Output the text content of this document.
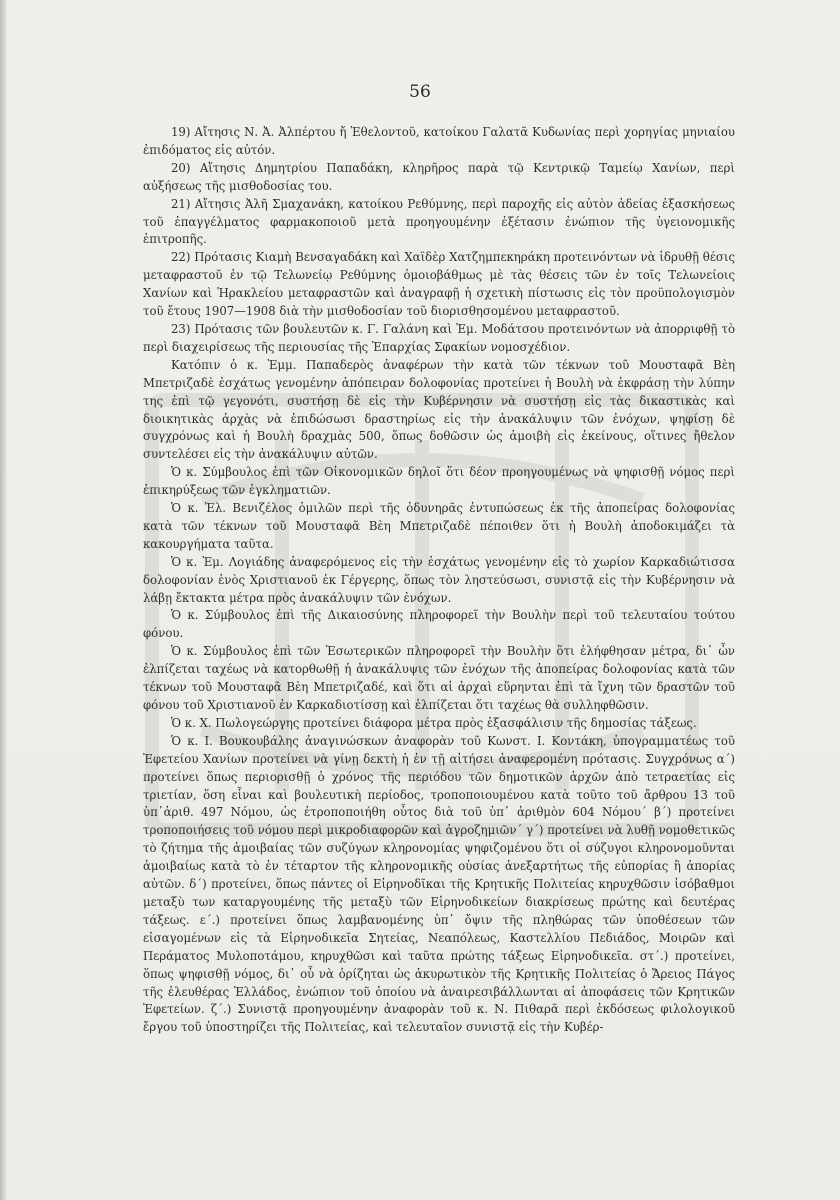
56

19) Αἴτησις Ν. Ἀ. Ἀλπέρτου ἤ Ἐθελοντοῦ, κατοίκου Γαλατᾶ Κυδωνίας περὶ χορηγίας μηνιαίου ἐπιδόματος εἰς αὐτόν.

20) Αἴτησις Δημητρίου Παπαδάκη, κληρῆρος παρὰ τῷ Κεντρικῷ Ταμείῳ Χανίων, περὶ αὐξήσεως τῆς μισθοδοσίας του.

21) Αἴτησις Ἀλῆ Σμαχανάκη, κατοίκου Ρεθύμνης, περὶ παροχῆς εἰς αὐτὸν ἀδείας ἐξασκήσεως τοῦ ἐπαγγέλματος φαρμακοποιοῦ μετὰ προηγουμένην ἐξέτασιν ἐνώπιον τῆς ὑγειονομικῆς ἐπιτροπῆς.

22) Πρότασις Κιαμὴ Βενσαγαδάκη καὶ Χαϊδὲρ Χατζημπεκηράκη προτεινόντων νὰ ἱδρυθῇ θέσις μεταφραστοῦ ἐν τῷ Τελωνείῳ Ρεθύμνης ὁμοιοβάθμως μὲ τὰς θέσεις τῶν ἐν τοῖς Τελωνείοις Χανίων καὶ Ἡρακλείου μεταφραστῶν καὶ ἀναγραφῇ ἡ σχετικὴ πίστωσις εἰς τὸν προϋπολογισμὸν τοῦ ἔτους 1907—1908 διὰ τὴν μισθοδοσίαν τοῦ διορισθησομένου μεταφραστοῦ.

23) Πρότασις τῶν βουλευτῶν κ. Γ. Γαλάνη καὶ Ἐμ. Μοδάτσου προτεινόντων νὰ ἀπορριφθῇ τὸ περὶ διαχειρίσεως τῆς περιουσίας τῆς Ἐπαρχίας Σφακίων νομοσχέδιον.

Κατόπιν ὁ κ. Ἐμμ. Παπαδερὸς ἀναφέρων τὴν κατὰ τῶν τέκνων τοῦ Μουσταφᾶ Βὲη Μπετριζαδὲ ἐσχάτως γενομένην ἀπόπειραν δολοφονίας προτείνει ἡ Βουλὴ νὰ ἐκφράσῃ τὴν λύπην της ἐπὶ τῷ γεγονότι, συστήσῃ δὲ εἰς τὴν Κυβέρνησιν νὰ συστήσῃ εἰς τὰς δικαστικὰς καὶ διοικητικὰς ἀρχὰς νὰ ἐπιδώσωσι δραστηρίως εἰς τὴν ἀνακάλυψιν τῶν ἐνόχων, ψηφίσῃ δὲ συγχρόνως καὶ ἡ Βουλὴ δραχμὰς 500, ὅπως δοθῶσιν ὡς ἀμοιβὴ εἰς ἐκείνους, οἵτινες ἤθελον συντελέσει εἰς τὴν ἀνακάλυψιν αὐτῶν.

Ὁ κ. Σύμβουλος ἐπὶ τῶν Οἰκονομικῶν δηλοῖ ὅτι δέον προηγουμένως νὰ ψηφισθῇ νόμος περὶ ἐπικηρύξεως τῶν ἐγκληματιῶν.

Ὁ κ. Ἐλ. Βενιζέλος ὁμιλῶν περὶ τῆς ὀδυνηρᾶς ἐντυπώσεως ἐκ τῆς ἀποπείρας δολοφονίας κατὰ τῶν τέκνων τοῦ Μουσταφᾶ Βὲη Μπετριζαδὲ πέποιθεν ὅτι ἡ Βουλὴ ἀποδοκιμάζει τὰ κακουργήματα ταῦτα.

Ὁ κ. Ἐμ. Λογιάδης ἀναφερόμενος εἰς τὴν ἐσχάτως γενομένην εἰς τὸ χωρίον Καρκαδιώτισσα δολοφονίαν ἑνὸς Χριστιανοῦ ἐκ Γέργερης, ὅπως τὸν ληστεύσωσι, συνιστᾷ εἰς τὴν Κυβέρνησιν νὰ λάβῃ ἔκτακτα μέτρα πρὸς ἀνακάλυψιν τῶν ἐνόχων.

Ὁ κ. Σύμβουλος ἐπὶ τῆς Δικαιοσύνης πληροφορεῖ τὴν Βουλὴν περὶ τοῦ τελευταίου τούτου φόνου.

Ὁ κ. Σύμβουλος ἐπὶ τῶν Ἐσωτερικῶν πληροφορεῖ τὴν Βουλὴν ὅτι ἐλήφθησαν μέτρα, δι᾽ ὧν ἐλπίζεται ταχέως νὰ κατορθωθῇ ἡ ἀνακάλυψις τῶν ἐνόχων τῆς ἀποπείρας δολοφονίας κατὰ τῶν τέκνων τοῦ Μουσταφᾶ Βὲη Μπετριζαδέ, καὶ ὅτι αἱ ἀρχαὶ εὕρηνται ἐπὶ τὰ ἴχνη τῶν δραστῶν τοῦ φόνου τοῦ Χριστιανοῦ ἐν Καρκαδιοτίσσῃ καὶ ἐλπίζεται ὅτι ταχέως θὰ συλληφθῶσιν.

Ὁ κ. Χ. Πωλογεώργης προτείνει διάφορα μέτρα πρὸς ἐξασφάλισιν τῆς δημοσίας τάξεως.

Ὁ κ. Ι. Βουκουβάλης ἀναγινώσκων ἀναφορὰν τοῦ Κωνστ. Ι. Κοντάκη, ὑπογραμματέως τοῦ Ἐφετείου Χανίων προτείνει νὰ γίνῃ δεκτὴ ἡ ἐν τῇ αἰτήσει ἀναφερομένη πρότασις. Συγχρόνως α΄) προτείνει ὅπως περιορισθῇ ὁ χρόνος τῆς περιόδου τῶν δημοτικῶν ἀρχῶν ἀπὸ τετραετίας εἰς τριετίαν, ὅση εἶναι καὶ βουλευτικὴ περίοδος, τροποποιουμένου κατὰ τοῦτο τοῦ ἄρθρου 13 τοῦ ὑπ᾽ἀριθ. 497 Νόμου, ὡς ἐτροποποιήθη οὗτος διὰ τοῦ ὑπ᾽ ἀριθμὸν 604 Νόμου΄ β΄) προτείνει τροποποιήσεις τοῦ νόμου περὶ μικροδιαφορῶν καὶ ἀγροζημιῶν΄ γ΄) προτείνει νὰ λυθῇ νομοθετικῶς τὸ ζήτημα τῆς ἀμοιβαίας τῶν συζύγων κληρονομίας ψηφιζομένου ὅτι οἱ σύζυγοι κληρονομοῦνται ἀμοιβαίως κατὰ τὸ ἐν τέταρτον τῆς κληρονομικῆς οὐσίας ἀνεξαρτήτως τῆς εὐπορίας ἢ ἀπορίας αὐτῶν. δ΄) προτείνει, ὅπως πάντες οἱ Εἰρηνοδῖκαι τῆς Κρητικῆς Πολιτείας κηρυχθῶσιν ἰσόβαθμοι μεταξὺ των καταργουμένης τῆς μεταξὺ τῶν Εἰρηνοδικείων διακρίσεως πρώτης καὶ δευτέρας τάξεως. ε΄.) προτείνει ὅπως λαμβανομένης ὑπ᾽ ὄψιν τῆς πληθώρας τῶν ὑποθέσεων τῶν εἰσαγομένων εἰς τὰ Εἰρηνοδικεῖα Σητείας, Νεαπόλεως, Καστελλίου Πεδιάδος, Μοιρῶν καὶ Περάματος Μυλοποτάμου, κηρυχθῶσι καὶ ταῦτα πρώτης τάξεως Εἰρηνοδικεῖα. στ΄.) προτείνει, ὅπως ψηφισθῇ νόμος, δι᾽ οὗ νὰ ὁρίζηται ὡς ἀκυρωτικὸν τῆς Κρητικῆς Πολιτείας ὁ Ἄρειος Πάγος τῆς ἐλευθέρας Ἑλλάδος, ἐνώπιον τοῦ ὁποίου νὰ ἀναιρεσιβάλλωνται αἱ ἀποφάσεις τῶν Κρητικῶν Ἐφετείων. ζ΄.) Συνιστᾷ προηγουμένην ἀναφορὰν τοῦ κ. Ν. Πιθαρᾶ περὶ ἐκδόσεως φιλολογικοῦ ἔργου τοῦ ὑποστηρίζει τῆς Πολιτείας, καὶ τελευταῖον συνιστᾷ εἰς τὴν Κυβέρ-
